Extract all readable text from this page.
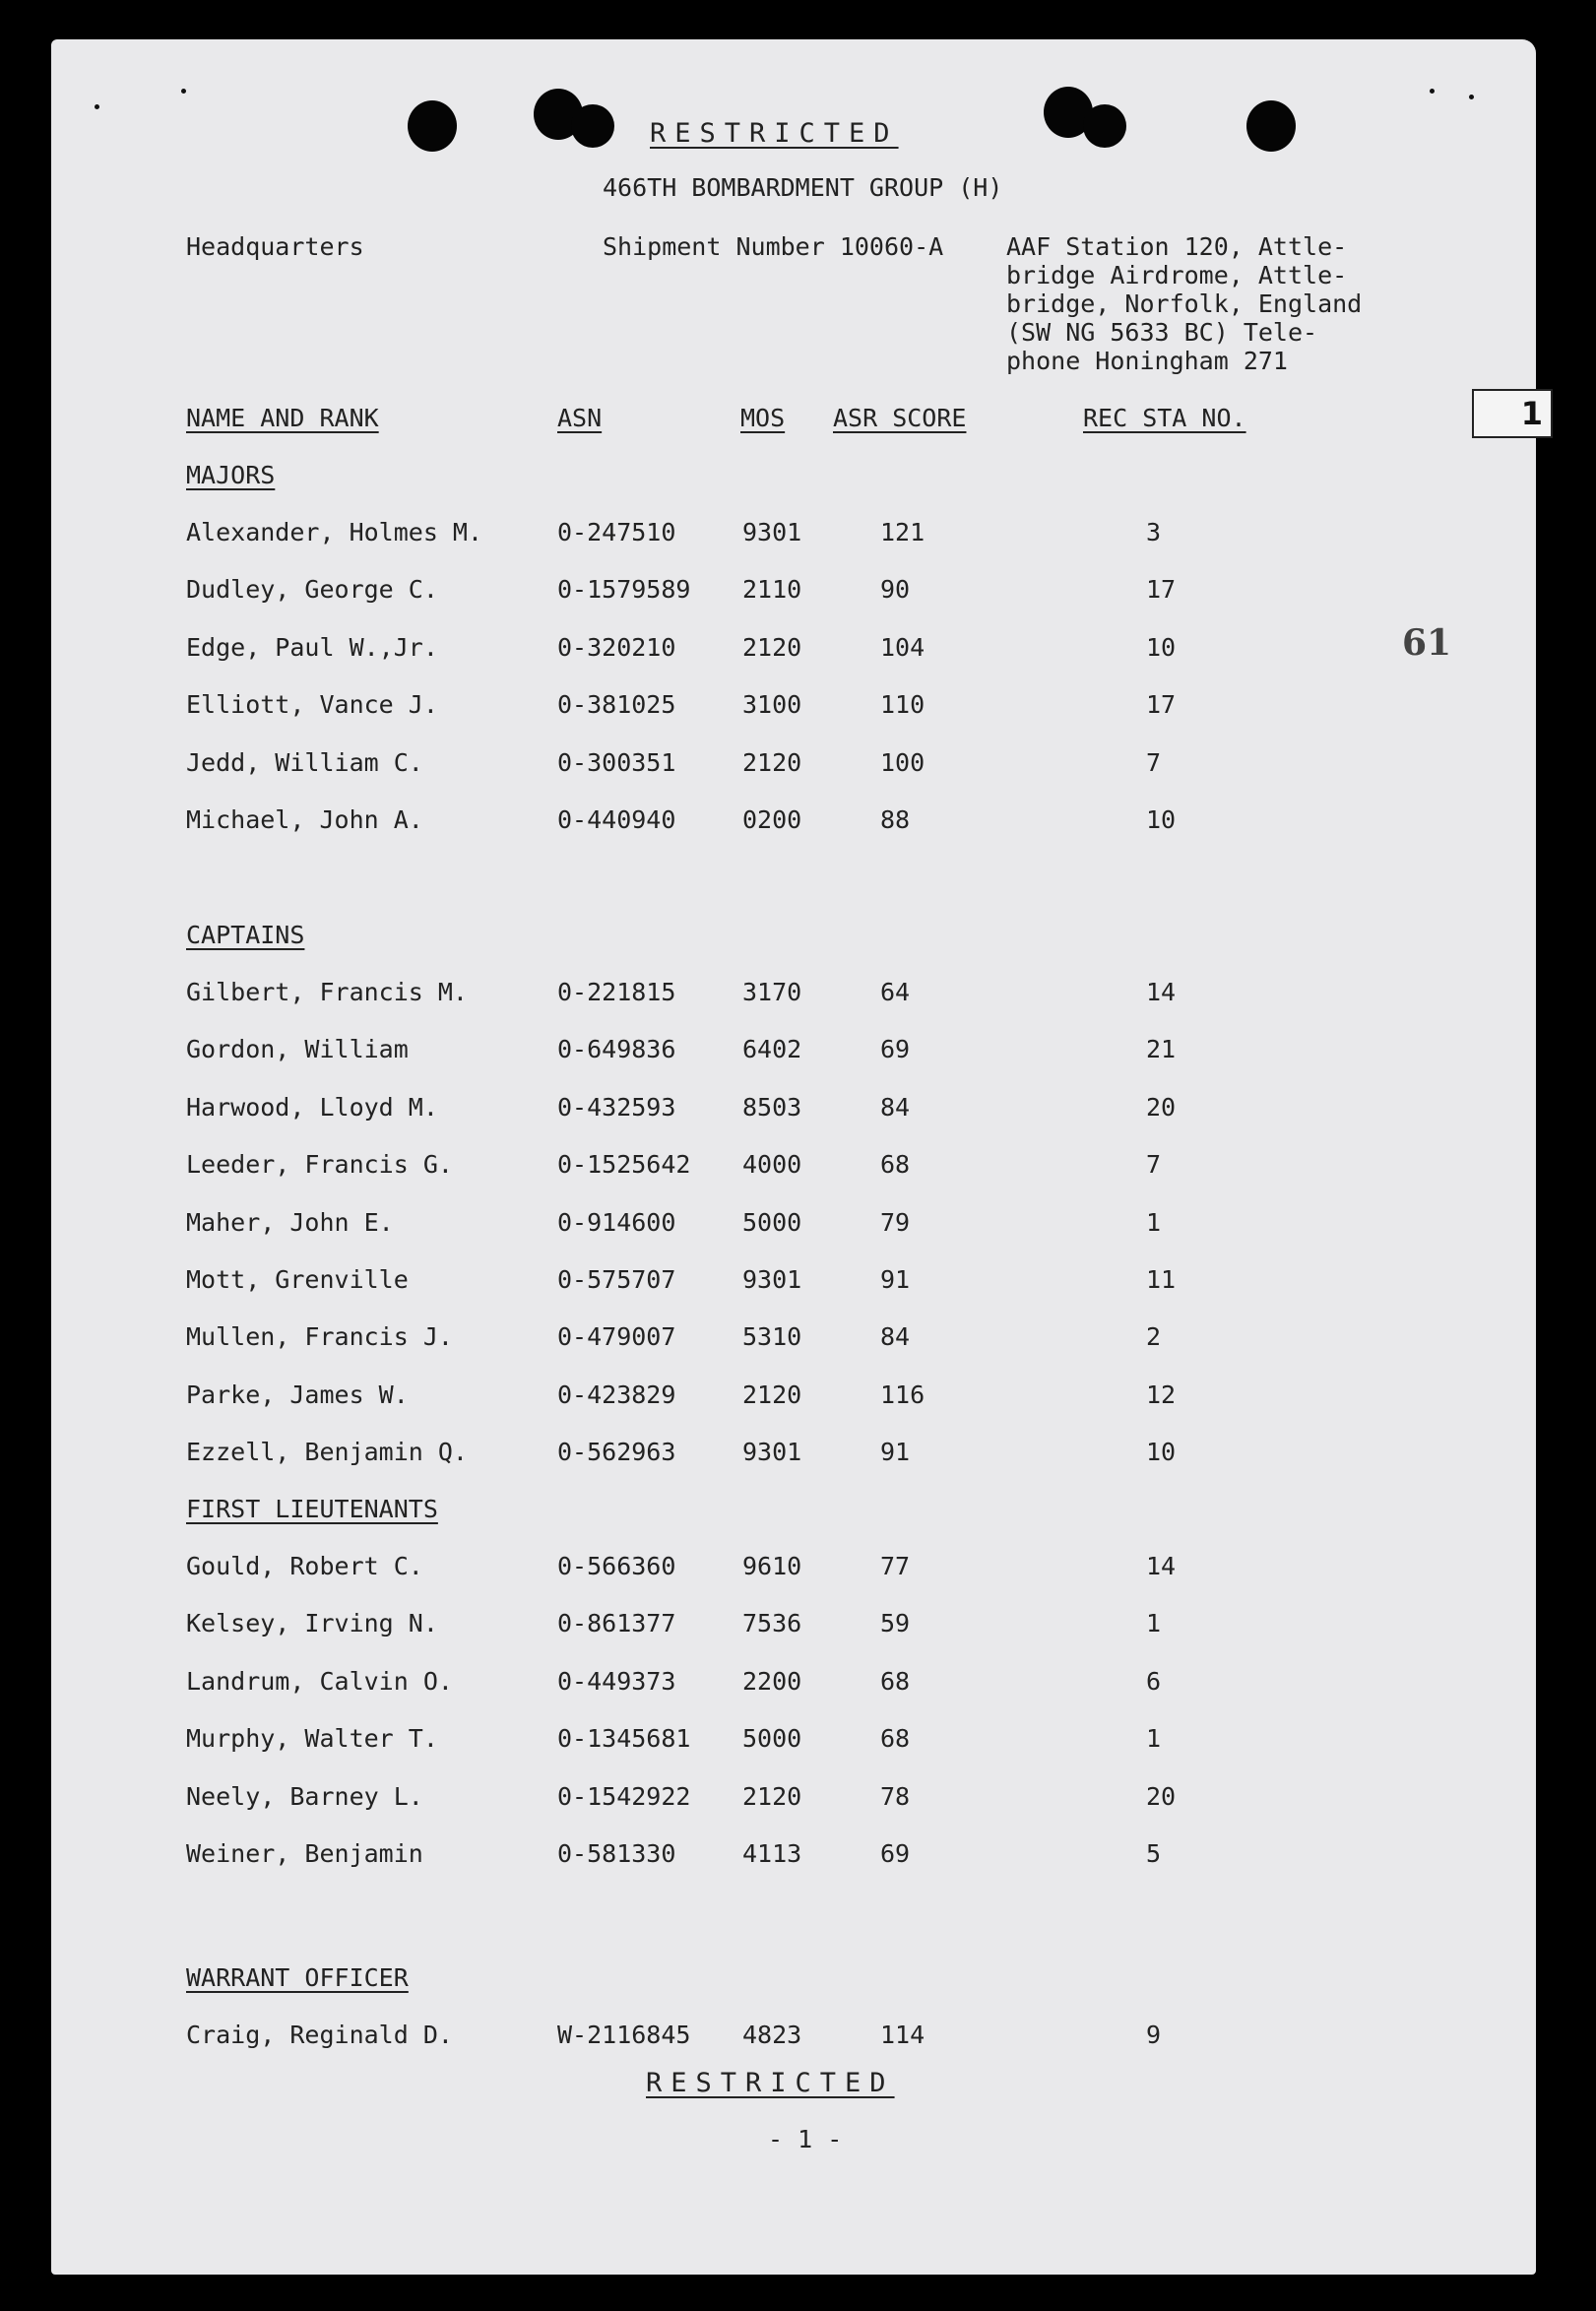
RESTRICTED
466TH BOMBARDMENT GROUP (H)
Headquarters	Shipment Number 10060-A	AAF Station 120, Attle-
bridge Airdrome, Attle-
bridge, Norfolk, England
(SW NG 5633 BC) Tele-
phone Honingham 271
NAME AND RANK	ASN	MOS ASR SCORE	REC STA NO.
MAJORS
Alexander, Holmes M.	0-247510	9301	121	3
Dudley, George C.	0-1579589 2110	90	17
Edge, Paul W.,Jr.	0-320210	2120	104	10
Elliott, Vance J.	0-381025	3100	110	17
Jedd, William C.	0-300351	2120	100	7
Michael, John A.	0-440940	0200	88	10
CAPTAINS
Gilbert, Francis M.	0-221815	3170	64	14
Gordon, William	0-649836	6402	69	21
Harwood, Lloyd M.	0-432593	8503	84	20
Leeder, Francis G.	0-1525642 4000	68	7
Maher, John E.	0-914600	5000	79	1
Mott, Grenville	0-575707	9301	91	11
Mullen, Francis J.	0-479007	5310	84	2
Parke, James W.	0-423829	2120	116	12
Ezzell, Benjamin Q.	0-562963	9301	91	10
FIRST LIEUTENANTS
Gould, Robert C.	0-566360	9610	77	14
Kelsey, Irving N.	0-861377	7536	59	1
Landrum, Calvin O.	0-449373	2200	68	6
Murphy, Walter T.	0-1345681 5000	68	1
Neely, Barney L.	0-1542922 2120	78	20
Weiner, Benjamin	0-581330	4113	69	5
WARRANT OFFICER
Craig, Reginald D.	W-2116845 4823	114	9
RESTRICTED
- 1 -
61
1
